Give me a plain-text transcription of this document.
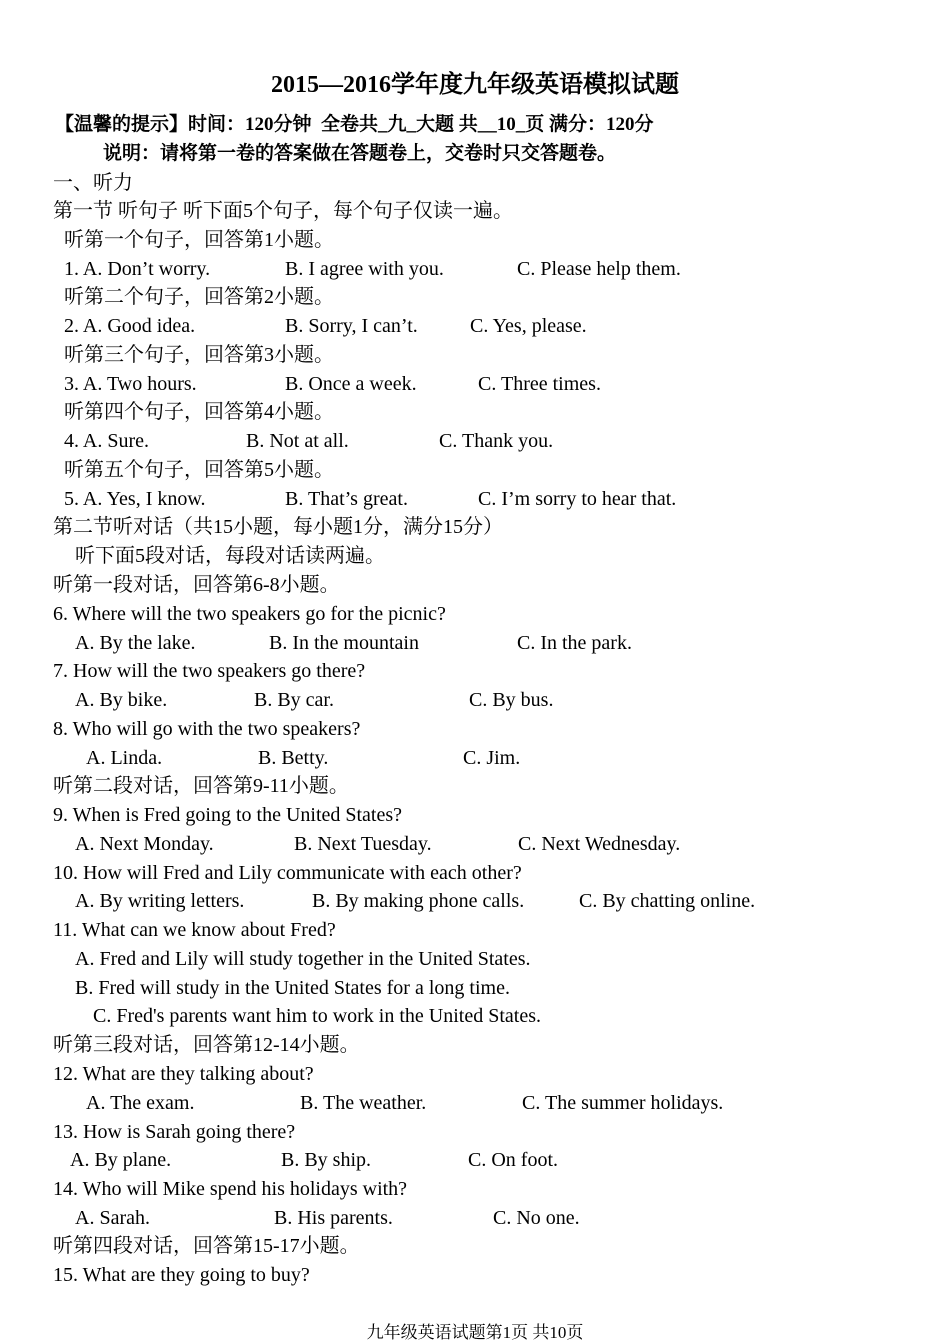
2015—2016学年度九年级英语模拟试题
【温馨的提示】时间：120分钟  全卷共_九_大题 共__10_页 满分：120分
说明：请将第一卷的答案做在答题卷上，交卷时只交答题卷。
一、听力
第一节 听句子 听下面5个句子，每个句子仅读一遍。
听第一个句子，回答第1小题。
1. A. Don’t worry.	B. I agree with you.	C. Please help them.
听第二个句子，回答第2小题。
2. A. Good idea.	B. Sorry, I can’t.	C. Yes, please.
听第三个句子，回答第3小题。
3. A. Two hours.	B. Once a week.	C. Three times.
听第四个句子，回答第4小题。
4. A. Sure.	B. Not at all.	C. Thank you.
听第五个句子，回答第5小题。
5. A. Yes, I know.	B. That’s great.	C. I’m sorry to hear that.
第二节听对话（共15小题，每小题1分，满分15分）
听下面5段对话，每段对话读两遍。
听第一段对话，回答第6-8小题。
6. Where will the two speakers go for the picnic?
A. By the lake.	B. In the mountain	C. In the park.
7. How will the two speakers go there?
A. By bike.	B. By car.	C. By bus.
8. Who will go with the two speakers?
A. Linda.	B. Betty.	C. Jim.
听第二段对话，回答第9-11小题。
9. When is Fred going to the United States?
A. Next Monday.	B. Next Tuesday.	C. Next Wednesday.
10. How will Fred and Lily communicate with each other?
A. By writing letters.	B. By making phone calls.	C. By chatting online.
11. What can we know about Fred?
A. Fred and Lily will study together in the United States.
B. Fred will study in the United States for a long time.
C. Fred's parents want him to work in the United States.
听第三段对话，回答第12-14小题。
12. What are they talking about?
A. The exam.	B. The weather.	C. The summer holidays.
13. How is Sarah going there?
A. By plane.	B. By ship.	C. On foot.
14. Who will Mike spend his holidays with?
A. Sarah.	B. His parents.	C. No one.
听第四段对话，回答第15-17小题。
15. What are they going to buy?
九年级英语试题第1页 共10页
